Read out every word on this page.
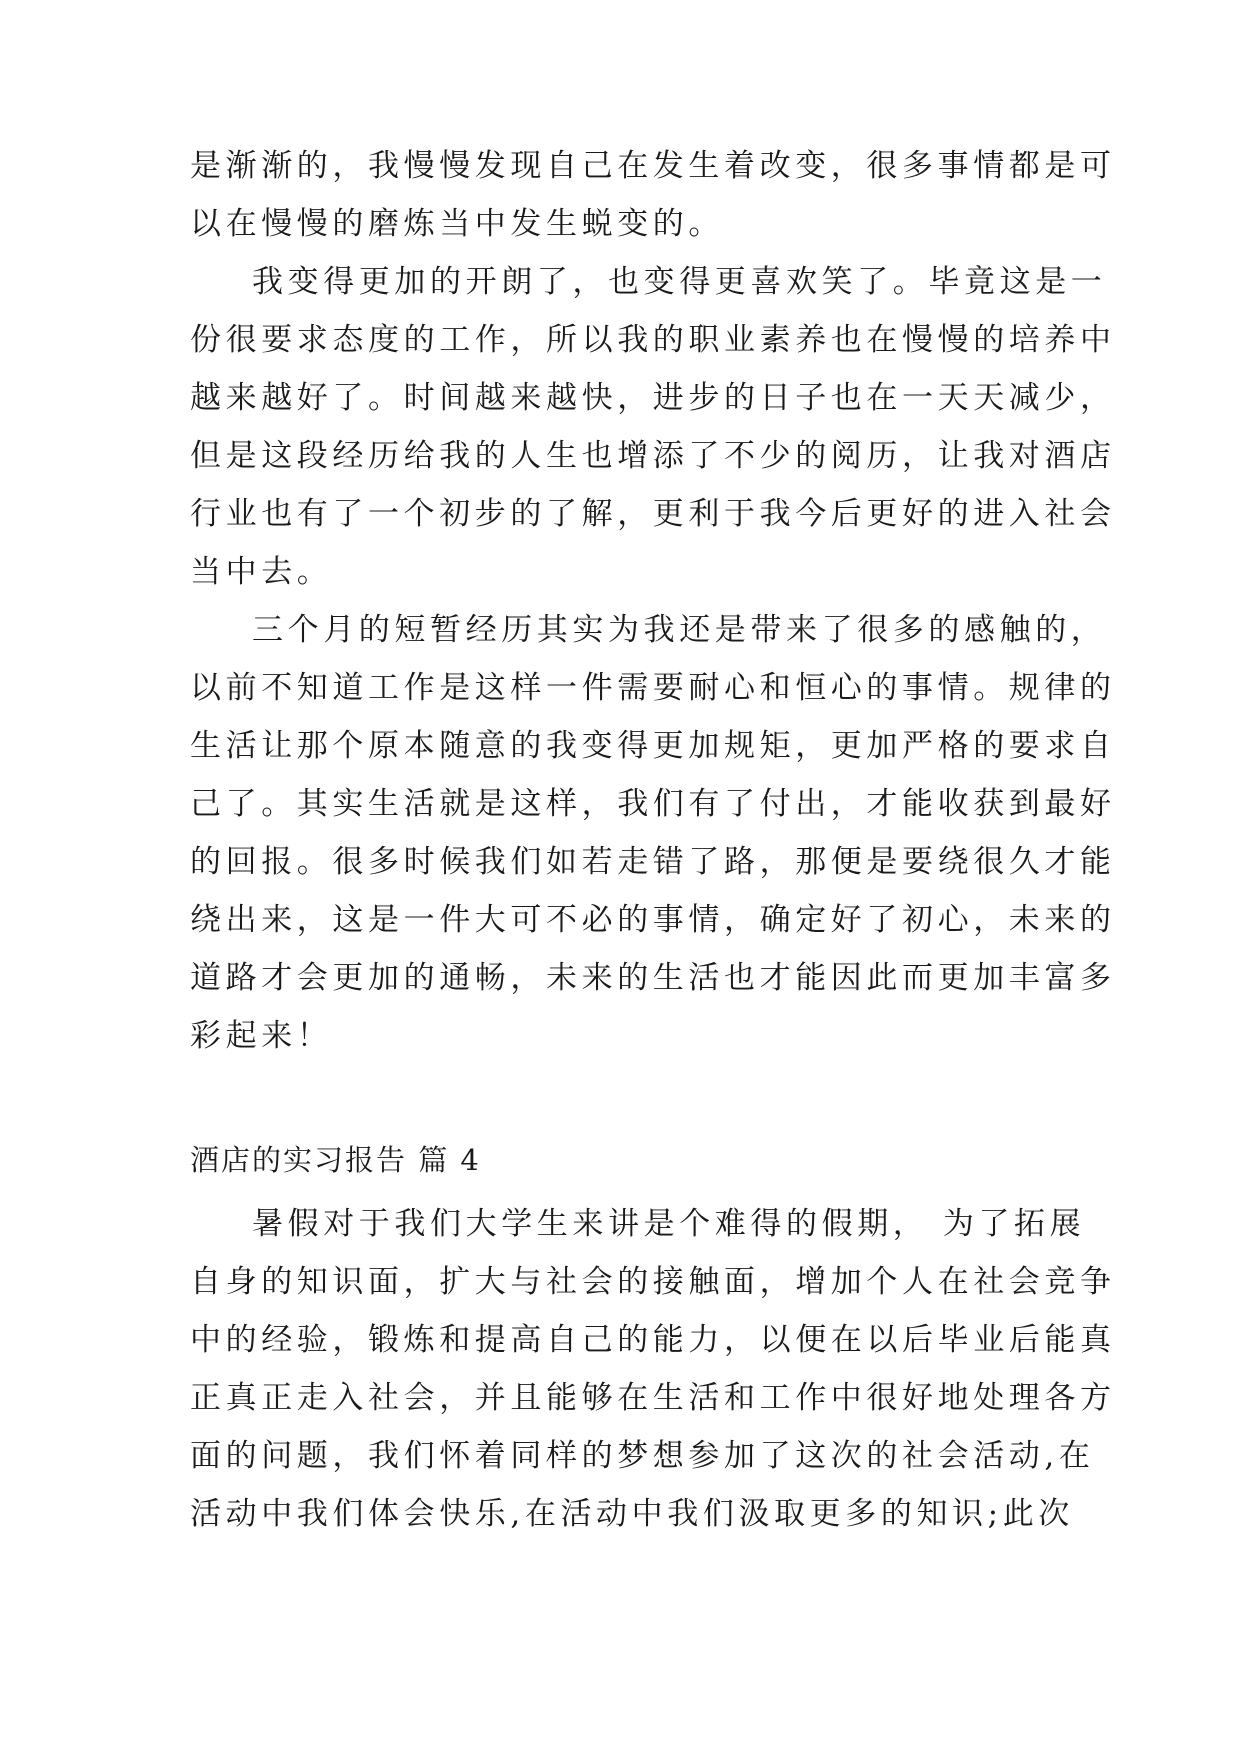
是渐渐的，我慢慢发现自己在发生着改变，很多事情都是可
以在慢慢的磨炼当中发生蜕变的。
我变得更加的开朗了，也变得更喜欢笑了。毕竟这是一
份很要求态度的工作，所以我的职业素养也在慢慢的培养中
越来越好了。时间越来越快，进步的日子也在一天天减少，
但是这段经历给我的人生也增添了不少的阅历，让我对酒店
行业也有了一个初步的了解，更利于我今后更好的进入社会
当中去。
三个月的短暂经历其实为我还是带来了很多的感触的，
以前不知道工作是这样一件需要耐心和恒心的事情。规律的
生活让那个原本随意的我变得更加规矩，更加严格的要求自
己了。其实生活就是这样，我们有了付出，才能收获到最好
的回报。很多时候我们如若走错了路，那便是要绕很久才能
绕出来，这是一件大可不必的事情，确定好了初心，未来的
道路才会更加的通畅，未来的生活也才能因此而更加丰富多
彩起来！
酒店的实习报告 篇 4
暑假对于我们大学生来讲是个难得的假期， 为了拓展
自身的知识面，扩大与社会的接触面，增加个人在社会竞争
中的经验，锻炼和提高自己的能力，以便在以后毕业后能真
正真正走入社会，并且能够在生活和工作中很好地处理各方
面的问题，我们怀着同样的梦想参加了这次的社会活动,在
活动中我们体会快乐,在活动中我们汲取更多的知识;此次
